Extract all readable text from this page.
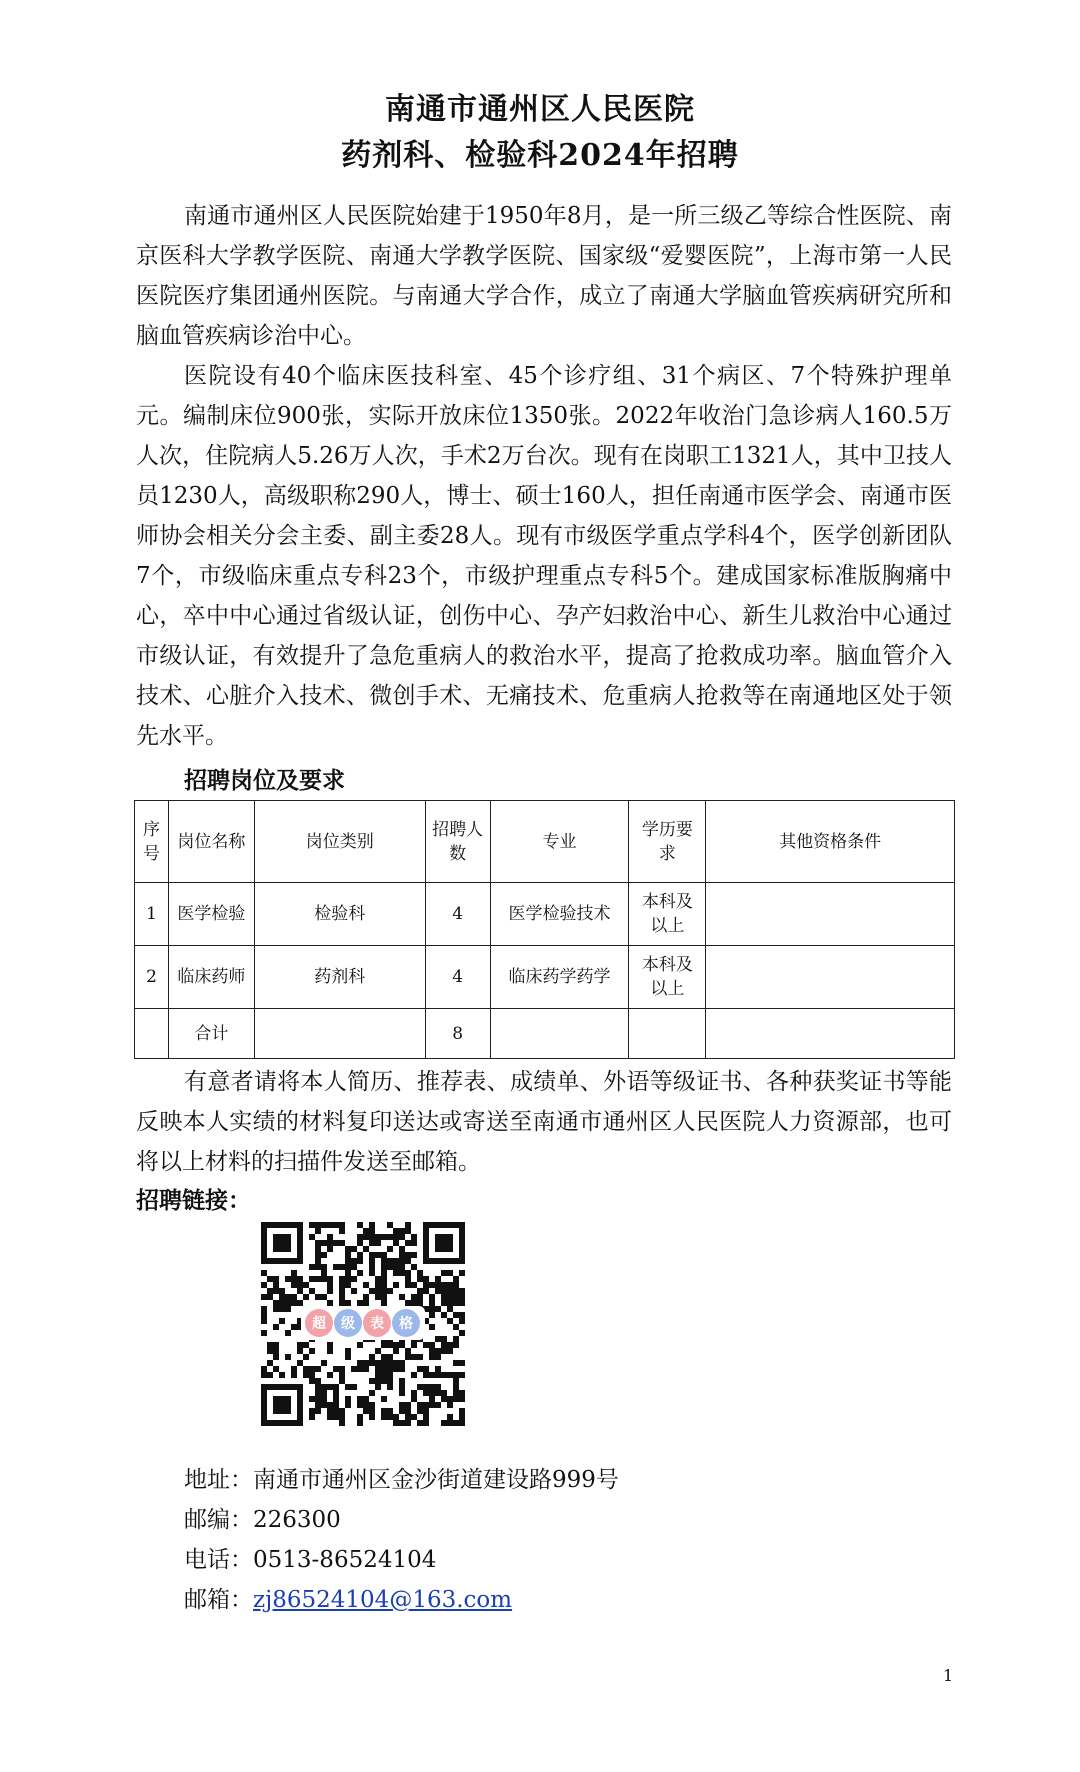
南通市通州区人民医院
药剂科、检验科2024年招聘
南通市通州区人民医院始建于1950年8月，是一所三级乙等综合性医院、南京医科大学教学医院、南通大学教学医院、国家级“爱婴医院”，上海市第一人民医院医疗集团通州医院。与南通大学合作，成立了南通大学脑血管疾病研究所和脑血管疾病诊治中心。
医院设有40个临床医技科室、45个诊疗组、31个病区、7个特殊护理单元。编制床位900张，实际开放床位1350张。2022年收治门急诊病人160.5万人次，住院病人5.26万人次，手术2万台次。现有在岗职工1321人，其中卫技人员1230人，高级职称290人，博士、硕士160人，担任南通市医学会、南通市医师协会相关分会主委、副主委28人。现有市级医学重点学科4个，医学创新团队7个，市级临床重点专科23个，市级护理重点专科5个。建成国家标准版胸痛中心，卒中中心通过省级认证，创伤中心、孕产妇救治中心、新生儿救治中心通过市级认证，有效提升了急危重病人的救治水平，提高了抢救成功率。脑血管介入技术、心脏介入技术、微创手术、无痛技术、危重病人抢救等在南通地区处于领先水平。
招聘岗位及要求
序号	岗位名称	岗位类别	招聘人数	专业	学历要求	其他资格条件
1	医学检验	检验科	4	医学检验技术	本科及以上	
2	临床药师	药剂科	4	临床药学药学	本科及以上	
	合计		8			
有意者请将本人简历、推荐表、成绩单、外语等级证书、各种获奖证书等能反映本人实绩的材料复印送达或寄送至南通市通州区人民医院人力资源部，也可将以上材料的扫描件发送至邮箱。
招聘链接：
超 级 表 格
地址：南通市通州区金沙街道建设路999号
邮编：226300
电话：0513-86524104
邮箱：zj86524104@163.com
1
